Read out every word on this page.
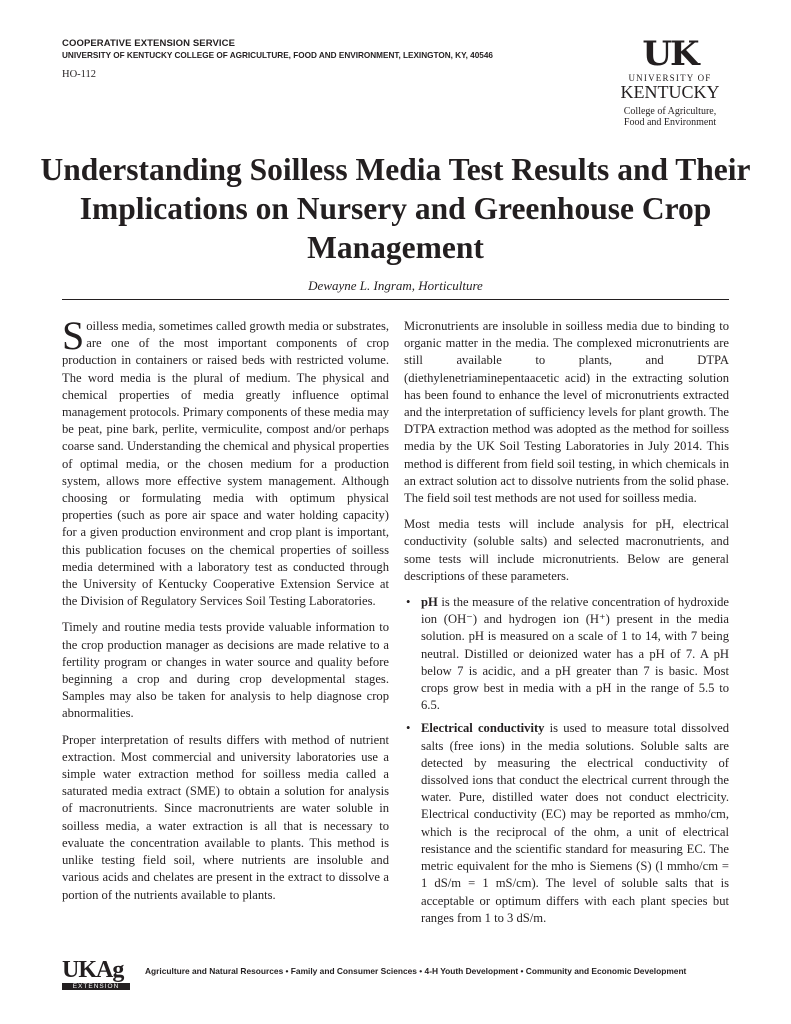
COOPERATIVE EXTENSION SERVICE
UNIVERSITY OF KENTUCKY COLLEGE OF AGRICULTURE, FOOD AND ENVIRONMENT, LEXINGTON, KY, 40546
HO-112
UK
UNIVERSITY OF
KENTUCKY
College of Agriculture,
Food and Environment
Understanding Soilless Media Test Results and Their Implications on Nursery and Greenhouse Crop Management
Dewayne L. Ingram, Horticulture

Soilless media, sometimes called growth media or substrates, are one of the most important components of crop production in containers or raised beds with restricted volume. The word media is the plural of medium. The physical and chemical properties of media greatly influence optimal management protocols. Primary components of these media may be peat, pine bark, perlite, vermiculite, compost and/or perhaps coarse sand. Understanding the chemical and physical properties of optimal media, or the chosen medium for a production system, allows more effective system management. Although choosing or formulating media with optimum physical properties (such as pore air space and water holding capacity) for a given production environment and crop plant is important, this publication focuses on the chemical properties of soilless media determined with a laboratory test as conducted through the University of Kentucky Cooperative Extension Service at the Division of Regulatory Services Soil Testing Laboratories.

Timely and routine media tests provide valuable information to the crop production manager as decisions are made relative to a fertility program or changes in water source and quality before beginning a crop and during crop developmental stages. Samples may also be taken for analysis to help diagnose crop abnormalities.

Proper interpretation of results differs with method of nutrient extraction. Most commercial and university laboratories use a simple water extraction method for soilless media called a saturated media extract (SME) to obtain a solution for analysis of macronutrients. Since macronutrients are water soluble in soilless media, a water extraction is all that is necessary to evaluate the concentration available to plants. This method is unlike testing field soil, where nutrients are insoluble and various acids and chelates are present in the extract to dissolve a portion of the nutrients available to plants.

Micronutrients are insoluble in soilless media due to binding to organic matter in the media. The complexed micronutrients are still available to plants, and DTPA (diethylenetriaminepentaacetic acid) in the extracting solution has been found to enhance the level of micronutrients extracted and the interpretation of sufficiency levels for plant growth. The DTPA extraction method was adopted as the method for soilless media by the UK Soil Testing Laboratories in July 2014. This method is different from field soil testing, in which chemicals in an extract solution act to dissolve nutrients from the solid phase. The field soil test methods are not used for soilless media.

Most media tests will include analysis for pH, electrical conductivity (soluble salts) and selected macronutrients, and some tests will include micronutrients. Below are general descriptions of these parameters.

• pH is the measure of the relative concentration of hydroxide ion (OH⁻) and hydrogen ion (H⁺) present in the media solution. pH is measured on a scale of 1 to 14, with 7 being neutral. Distilled or deionized water has a pH of 7. A pH below 7 is acidic, and a pH greater than 7 is basic. Most crops grow best in media with a pH in the range of 5.5 to 6.5.
• Electrical conductivity is used to measure total dissolved salts (free ions) in the media solutions. Soluble salts are detected by measuring the electrical conductivity of dissolved ions that conduct the electrical current through the water. Pure, distilled water does not conduct electricity. Electrical conductivity (EC) may be reported as mmho/cm, which is the reciprocal of the ohm, a unit of electrical resistance and the scientific standard for measuring EC. The metric equivalent for the mho is Siemens (S) (l mmho/cm = 1 dS/m = 1 mS/cm). The level of soluble salts that is acceptable or optimum differs with each plant species but ranges from 1 to 3 dS/m.
UKAg
EXTENSION
Agriculture and Natural Resources • Family and Consumer Sciences • 4-H Youth Development • Community and Economic Development
